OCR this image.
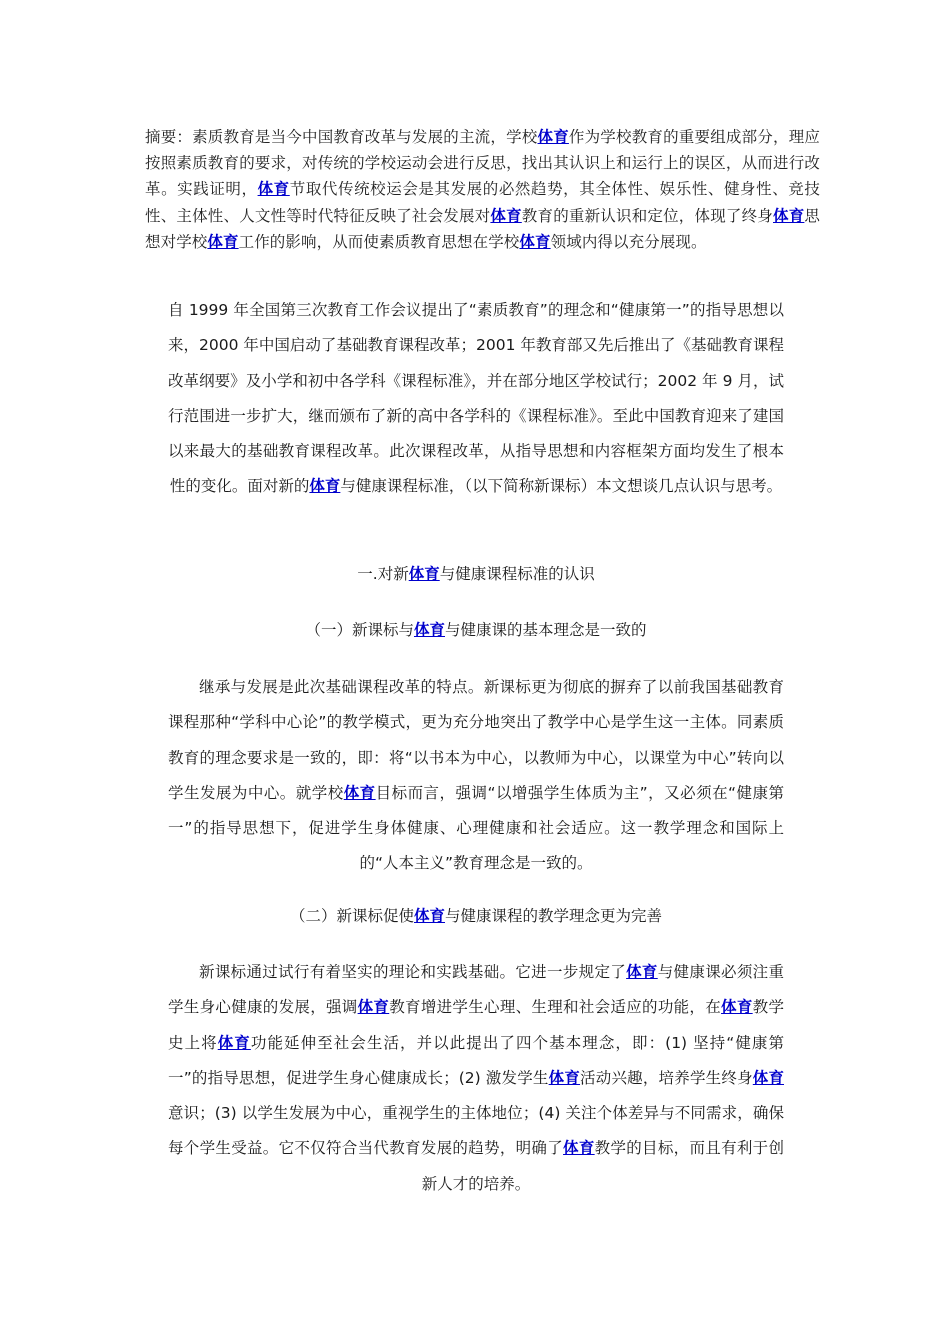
摘要：素质教育是当今中国教育改革与发展的主流，学校体育作为学校教育的重要组成部分，理应按照素质教育的要求，对传统的学校运动会进行反思，找出其认识上和运行上的误区，从而进行改革。实践证明，体育节取代传统校运会是其发展的必然趋势，其全体性、娱乐性、健身性、竞技性、主体性、人文性等时代特征反映了社会发展对体育教育的重新认识和定位，体现了终身体育思想对学校体育工作的影响，从而使素质教育思想在学校体育领域内得以充分展现。
自 1999 年全国第三次教育工作会议提出了“素质教育”的理念和“健康第一”的指导思想以来，2000 年中国启动了基础教育课程改革；2001 年教育部又先后推出了《基础教育课程改革纲要》及小学和初中各学科《课程标准》，并在部分地区学校试行；2002 年 9 月，试行范围进一步扩大，继而颁布了新的高中各学科的《课程标准》。至此中国教育迎来了建国以来最大的基础教育课程改革。此次课程改革，从指导思想和内容框架方面均发生了根本性的变化。面对新的体育与健康课程标准，（以下简称新课标）本文想谈几点认识与思考。
一.对新体育与健康课程标准的认识
（一）新课标与体育与健康课的基本理念是一致的
继承与发展是此次基础课程改革的特点。新课标更为彻底的摒弃了以前我国基础教育课程那种“学科中心论”的教学模式，更为充分地突出了教学中心是学生这一主体。同素质教育的理念要求是一致的，即：将“以书本为中心，以教师为中心，以课堂为中心”转向以学生发展为中心。就学校体育目标而言，强调“以增强学生体质为主”，又必须在“健康第一”的指导思想下，促进学生身体健康、心理健康和社会适应。这一教学理念和国际上的“人本主义”教育理念是一致的。
（二）新课标促使体育与健康课程的教学理念更为完善
新课标通过试行有着坚实的理论和实践基础。它进一步规定了体育与健康课必须注重学生身心健康的发展，强调体育教育增进学生心理、生理和社会适应的功能，在体育教学史上将体育功能延伸至社会生活，并以此提出了四个基本理念，即：(1) 坚持“健康第一”的指导思想，促进学生身心健康成长；(2) 激发学生体育活动兴趣，培养学生终身体育意识；(3) 以学生发展为中心，重视学生的主体地位；(4) 关注个体差异与不同需求，确保每个学生受益。它不仅符合当代教育发展的趋势，明确了体育教学的目标，而且有利于创新人才的培养。
